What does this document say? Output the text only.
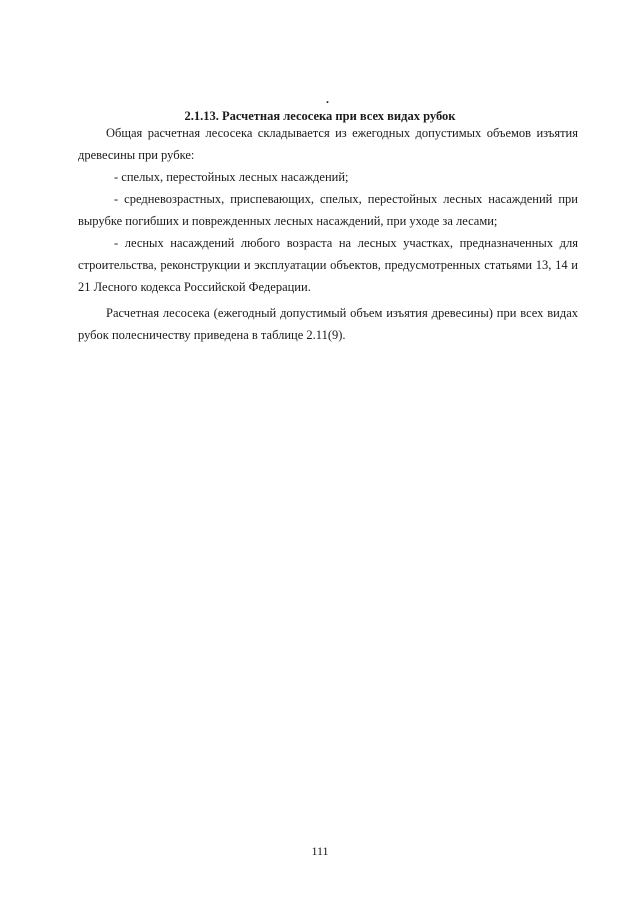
.
2.1.13. Расчетная лесосека при всех видах рубок
Общая расчетная лесосека складывается из ежегодных допустимых объемов изъятия древесины при рубке:
- спелых, перестойных лесных насаждений;
- средневозрастных, приспевающих, спелых, перестойных лесных насаждений при вырубке погибших и поврежденных лесных насаждений, при уходе за лесами;
- лесных насаждений любого возраста на лесных участках, предназначенных для строительства, реконструкции и эксплуатации объектов, предусмотренных статьями 13, 14 и 21 Лесного кодекса Российской Федерации.
Расчетная лесосека (ежегодный допустимый объем изъятия древесины) при всех видах рубок полесничеству приведена в таблице 2.11(9).
111
